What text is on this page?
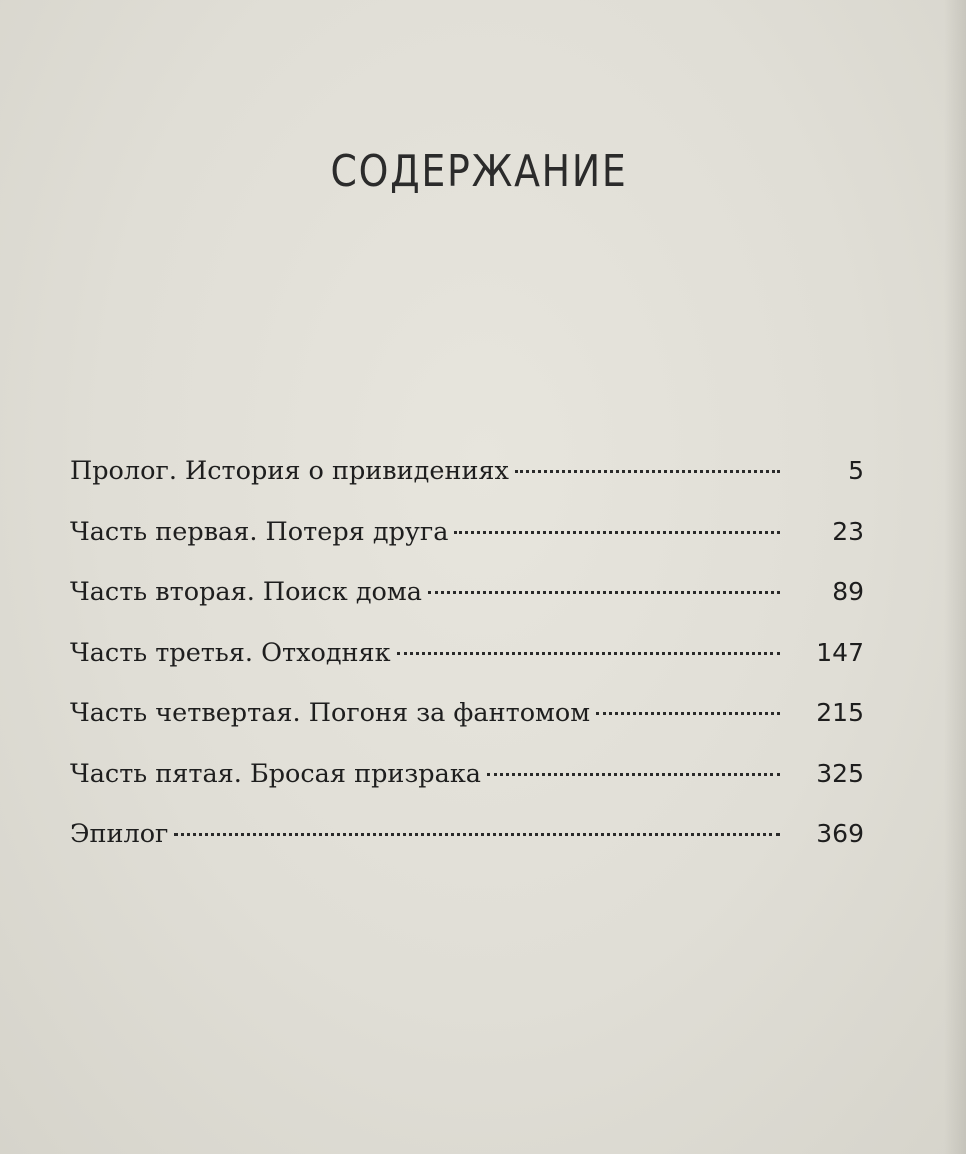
СОДЕРЖАНИЕ
Пролог. История о привидениях	5
Часть первая. Потеря друга	23
Часть вторая. Поиск дома	89
Часть третья. Отходняк	147
Часть четвертая. Погоня за фантомом	215
Часть пятая. Бросая призрака	325
Эпилог	369
